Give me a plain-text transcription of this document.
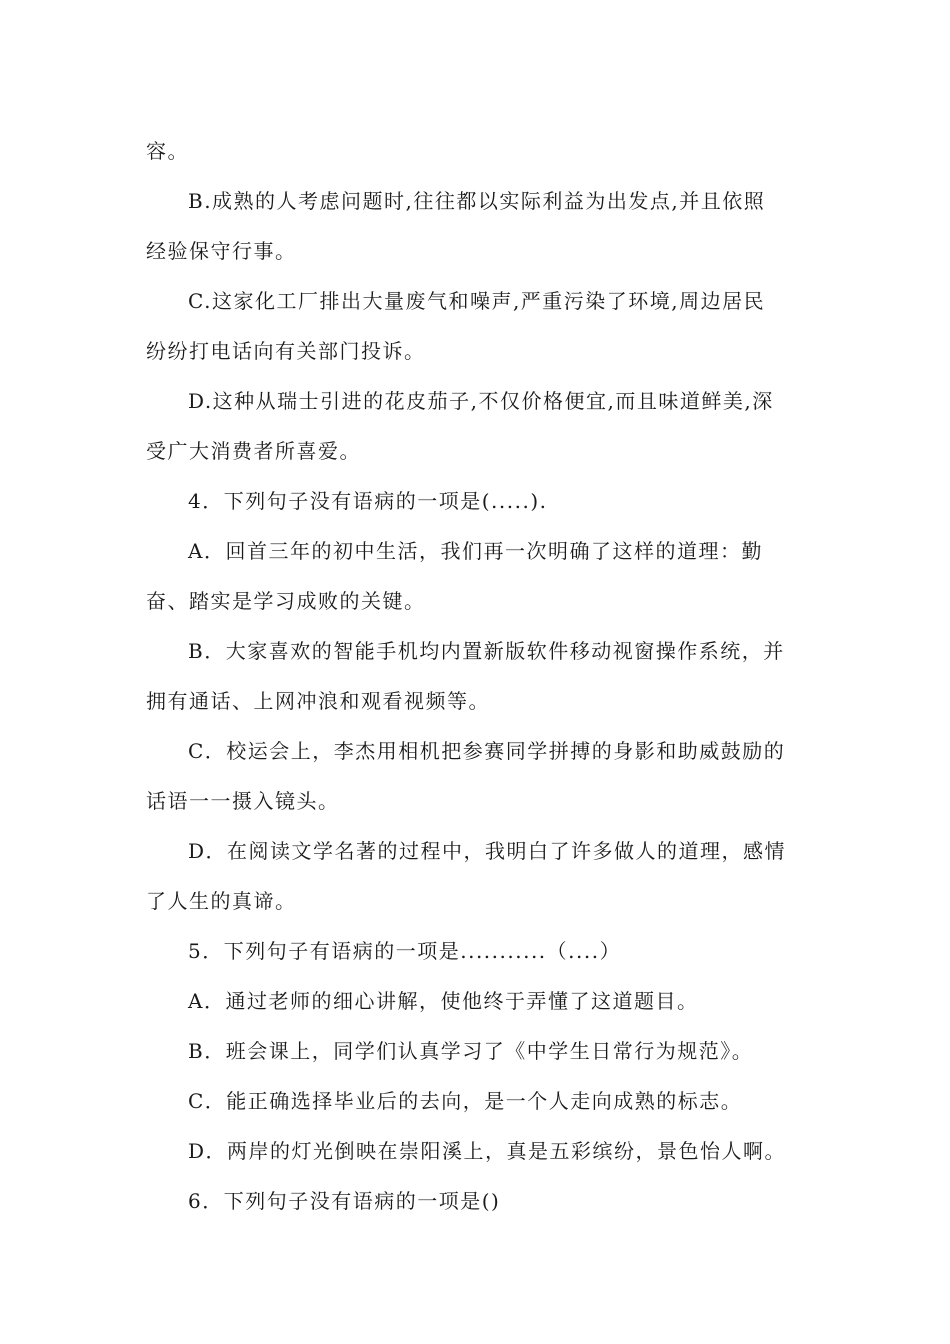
容。
B.成熟的人考虑问题时,往往都以实际利益为出发点,并且依照
经验保守行事。
C.这家化工厂排出大量废气和噪声,严重污染了环境,周边居民
纷纷打电话向有关部门投诉。
D.这种从瑞士引进的花皮茄子,不仅价格便宜,而且味道鲜美,深
受广大消费者所喜爱。
4．下列句子没有语病的一项是(.....).
A．回首三年的初中生活，我们再一次明确了这样的道理：勤
奋、踏实是学习成败的关键。
B．大家喜欢的智能手机均内置新版软件移动视窗操作系统，并
拥有通话、上网冲浪和观看视频等。
C．校运会上，李杰用相机把参赛同学拼搏的身影和助威鼓励的
话语一一摄入镜头。
D．在阅读文学名著的过程中，我明白了许多做人的道理，感情
了人生的真谛。
5．下列句子有语病的一项是...........（....）
A．通过老师的细心讲解，使他终于弄懂了这道题目。
B．班会课上，同学们认真学习了《中学生日常行为规范》。
C．能正确选择毕业后的去向，是一个人走向成熟的标志。
D．两岸的灯光倒映在崇阳溪上，真是五彩缤纷，景色怡人啊。
6．下列句子没有语病的一项是()
